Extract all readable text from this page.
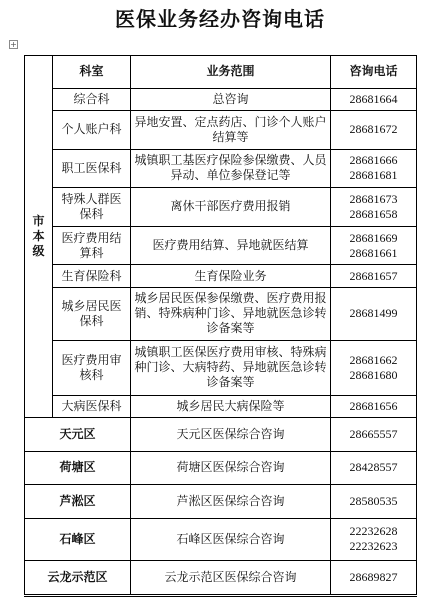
医保业务经办咨询电话
+
市
本
级	科室	业务范围	咨询电话
	综合科	总咨询	28681664

	个人账户科	异地安置、定点药店、门诊个人账户结算等	28681672

	职工医保科	城镇职工基医疗保险参保缴费、人员异动、单位参保登记等	28681666
28681681

	特殊人群医保科	离休干部医疗费用报销	28681673
28681658

	医疗费用结算科	医疗费用结算、异地就医结算	28681669
28681661

	生育保险科	生育保险业务	28681657

	城乡居民医保科	城乡居民医保参保缴费、医疗费用报销、特殊病种门诊、异地就医急诊转诊备案等	28681499

	医疗费用审核科	城镇职工医保医疗费用审核、特殊病种门诊、大病特药、异地就医急诊转诊备案等	28681662
28681680

	大病医保科	城乡居民大病保险等	28681656

天元区		天元区医保综合咨询	28665557

荷塘区		荷塘区医保综合咨询	28428557

芦淞区		芦淞区医保综合咨询	28580535

石峰区		石峰区医保综合咨询	22232628
22232623

云龙示范区		云龙示范区医保综合咨询	28689827
